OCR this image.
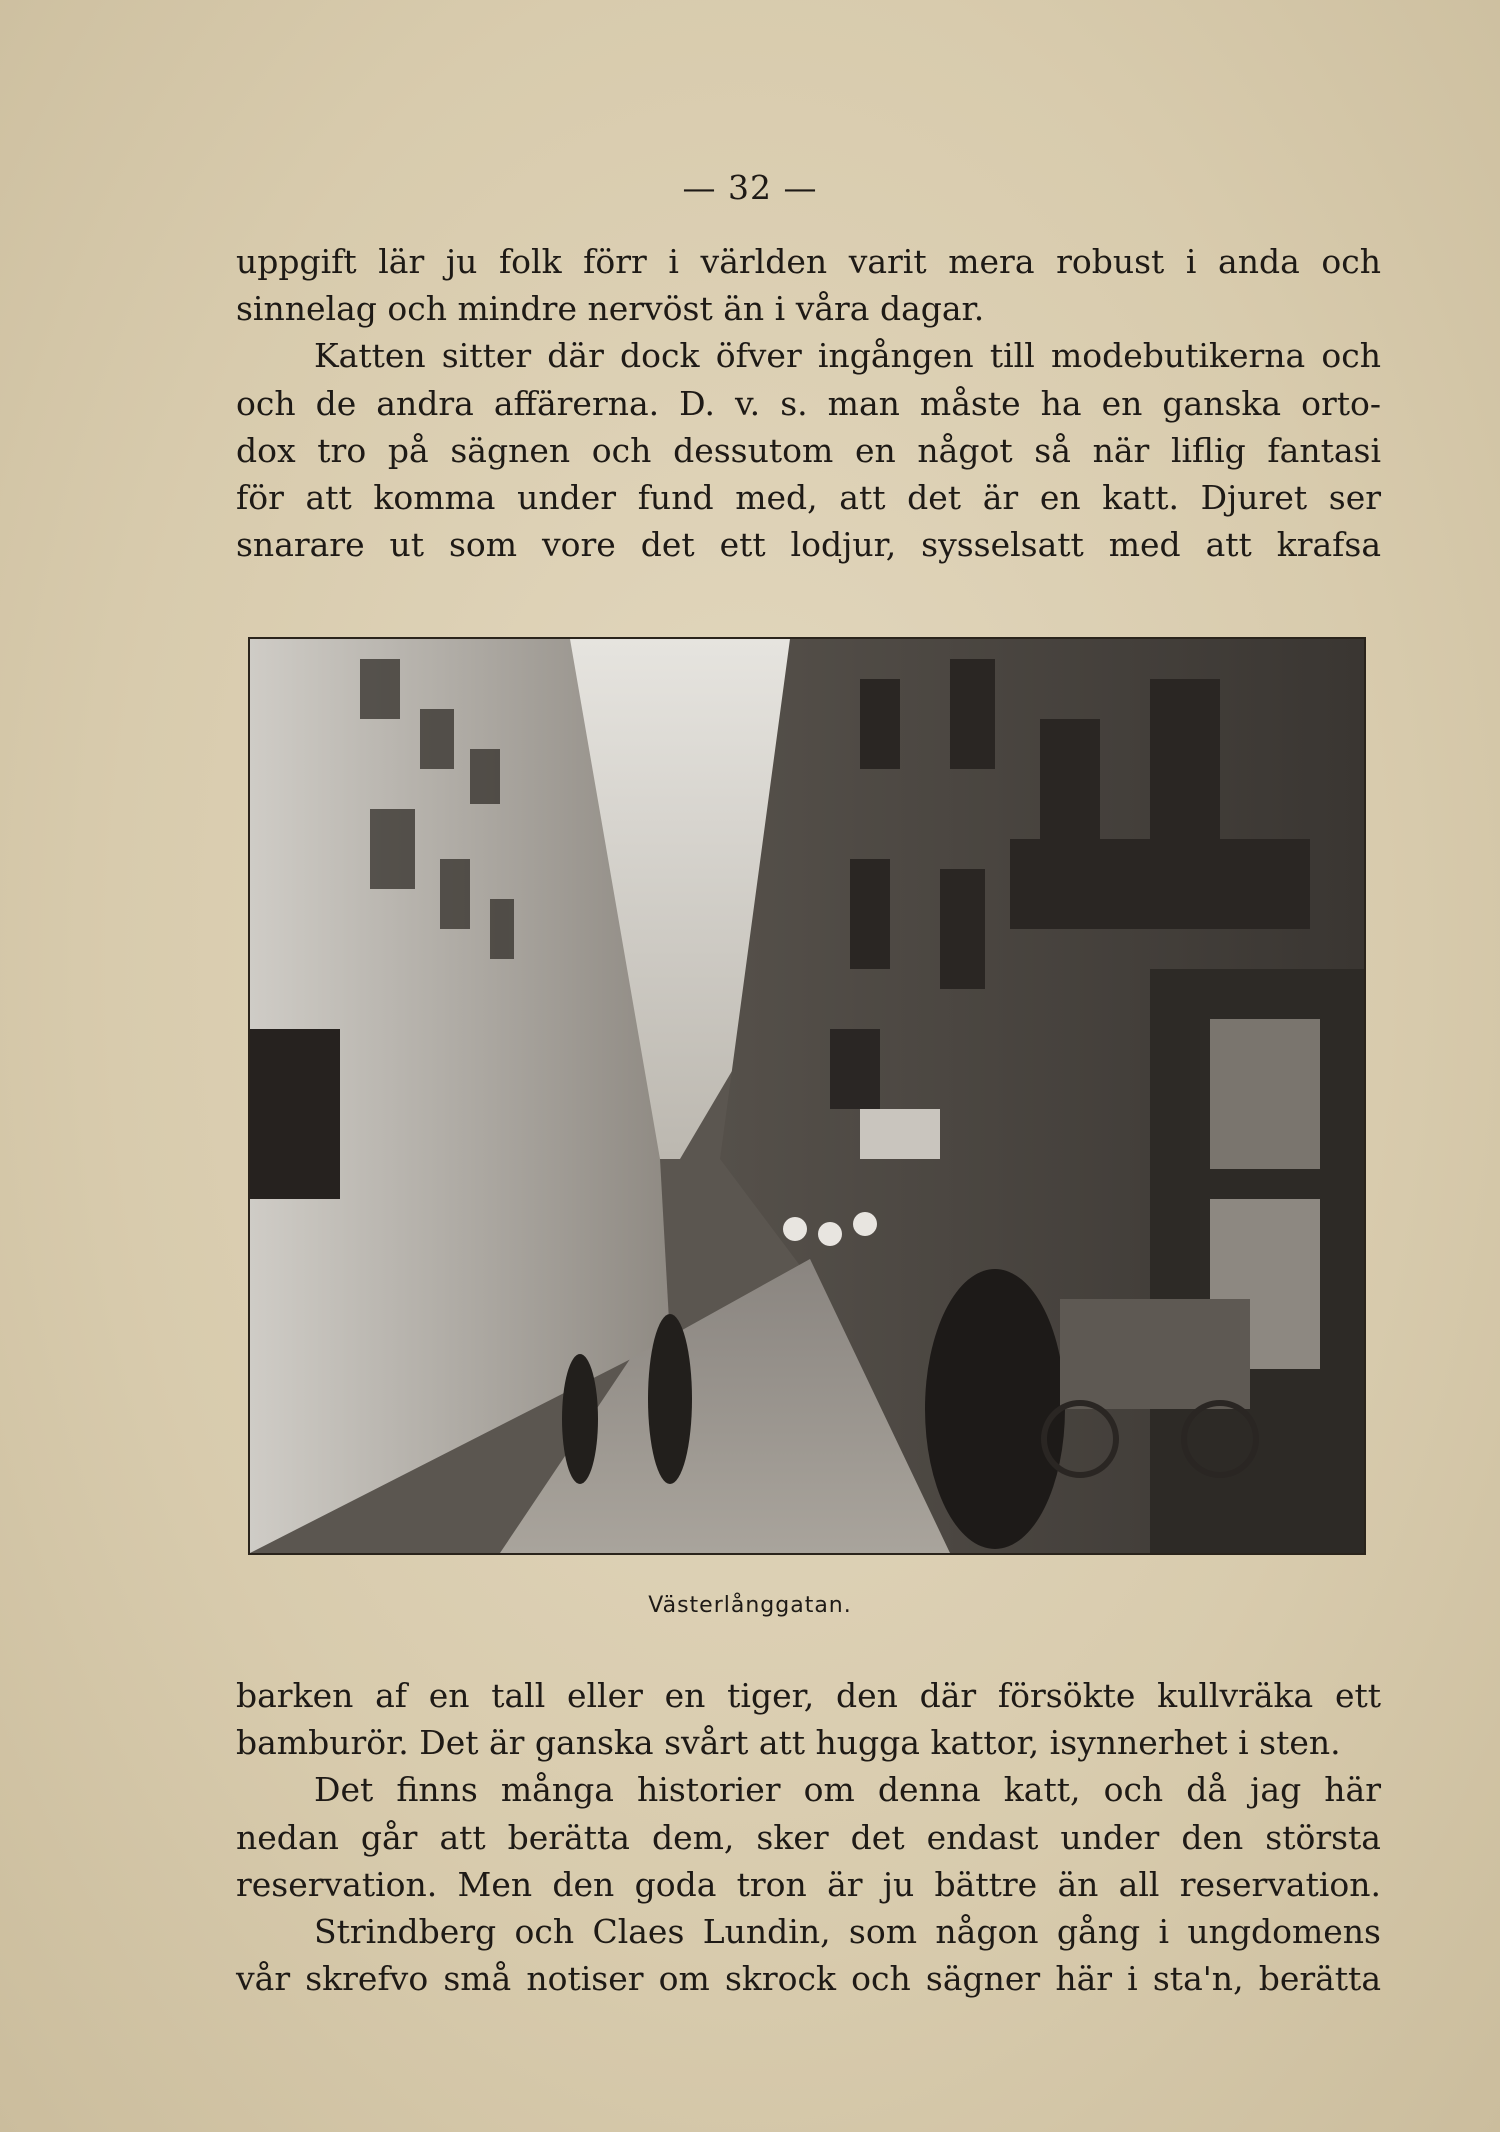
— 32 —
uppgift lär ju folk förr i världen varit mera robust i anda och
sinnelag och mindre nervöst än i våra dagar.
Katten sitter där dock öfver ingången till modebutikerna och
och de andra affärerna. D. v. s. man måste ha en ganska orto-
dox tro på sägnen och dessutom en något så när liflig fantasi
för att komma under fund med, att det är en katt. Djuret ser
snarare ut som vore det ett lodjur, sysselsatt med att krafsa
Västerlånggatan.
barken af en tall eller en tiger, den där försökte kullvräka ett
bamburör. Det är ganska svårt att hugga kattor, isynnerhet i sten.
Det finns många historier om denna katt, och då jag här
nedan går att berätta dem, sker det endast under den största
reservation. Men den goda tron är ju bättre än all reservation.
Strindberg och Claes Lundin, som någon gång i ungdomens
vår skrefvo små notiser om skrock och sägner här i sta'n, berätta
